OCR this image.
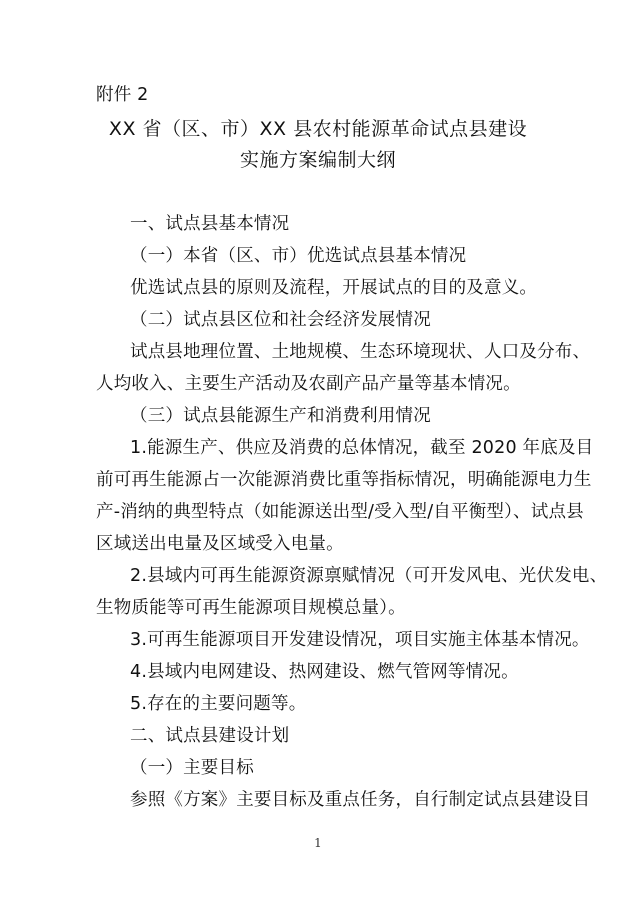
附件 2
XX 省（区、市）XX 县农村能源革命试点县建设
实施方案编制大纲
一、试点县基本情况
（一）本省（区、市）优选试点县基本情况
优选试点县的原则及流程，开展试点的目的及意义。
（二）试点县区位和社会经济发展情况
试点县地理位置、土地规模、生态环境现状、人口及分布、
人均收入、主要生产活动及农副产品产量等基本情况。
（三）试点县能源生产和消费利用情况
1.能源生产、供应及消费的总体情况，截至 2020 年底及目
前可再生能源占一次能源消费比重等指标情况，明确能源电力生
产-消纳的典型特点（如能源送出型/受入型/自平衡型）、试点县
区域送出电量及区域受入电量。
2.县域内可再生能源资源禀赋情况（可开发风电、光伏发电、
生物质能等可再生能源项目规模总量）。
3.可再生能源项目开发建设情况，项目实施主体基本情况。
4.县域内电网建设、热网建设、燃气管网等情况。
5.存在的主要问题等。
二、试点县建设计划
（一）主要目标
参照《方案》主要目标及重点任务，自行制定试点县建设目
1
